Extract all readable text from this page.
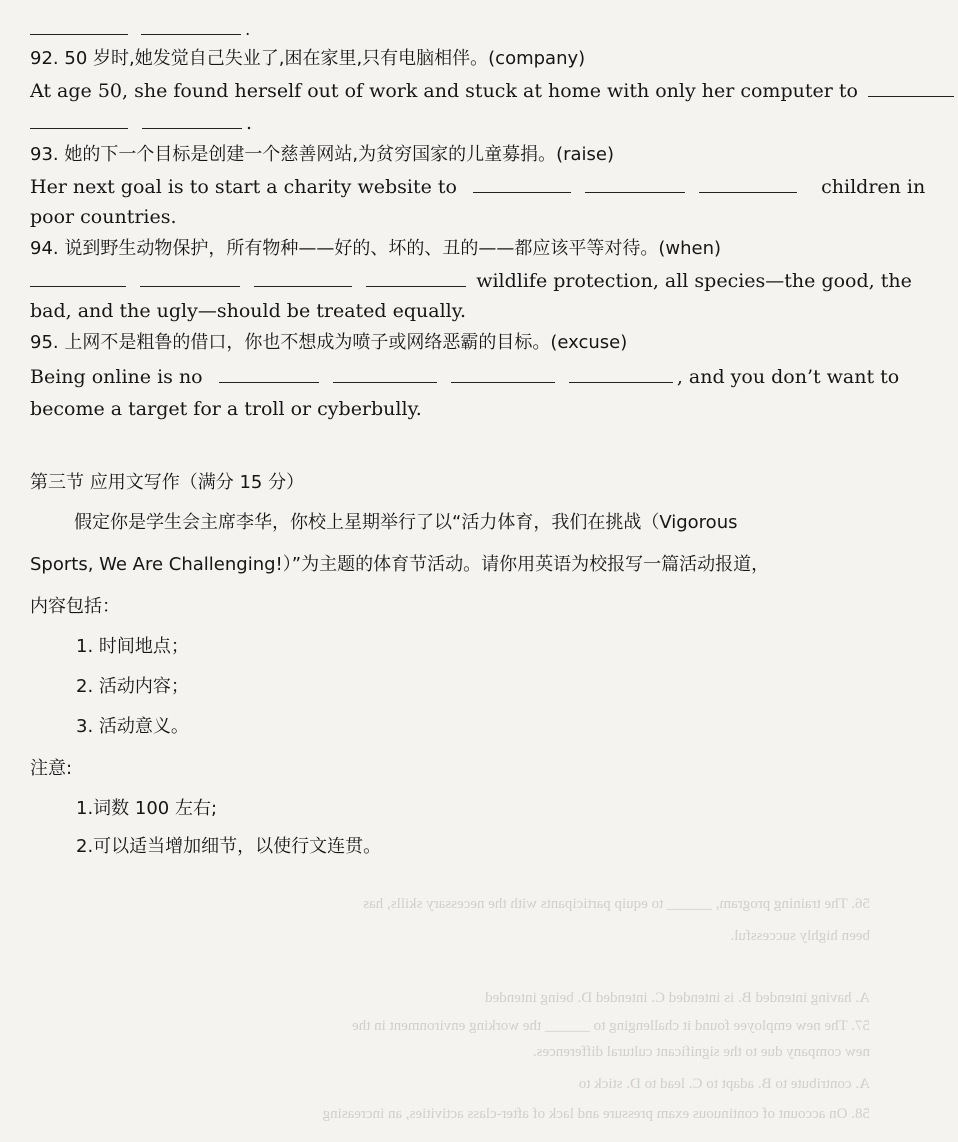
56. The training program, ______ to equip participants with the necessary skills, has
been highly successful.
A. having intended B. is intended C. intended D. being intended
57. The new employee found it challenging to ______ the working environment in the
new company due to the significant cultural differences.
A. contribute to B. adapt to C. lead to D. stick to
58. On account of continuous exam pressure and lack of after-class activities, an increasing
.
92. 50 岁时,她发觉自己失业了,困在家里,只有电脑相伴。(company)
At age 50, she found herself out of work and stuck at home with only her computer to
.
93. 她的下一个目标是创建一个慈善网站,为贫穷国家的儿童募捐。(raise)
Her next goal is to start a charity website to	children in
poor countries.
94. 说到野生动物保护，所有物种——好的、坏的、丑的——都应该平等对待。(when)
wildlife protection, all species—the good, the
bad, and the ugly—should be treated equally.
95. 上网不是粗鲁的借口，你也不想成为喷子或网络恶霸的目标。(excuse)
Being online is no	, and you don’t want to
become a target for a troll or cyberbully.
第三节 应用文写作（满分 15 分）
假定你是学生会主席李华，你校上星期举行了以“活力体育，我们在挑战（Vigorous
Sports, We Are Challenging!）”为主题的体育节活动。请你用英语为校报写一篇活动报道，
内容包括：
1. 时间地点；
2. 活动内容；
3. 活动意义。
注意:
1.词数 100 左右;
2.可以适当增加细节，以使行文连贯。
